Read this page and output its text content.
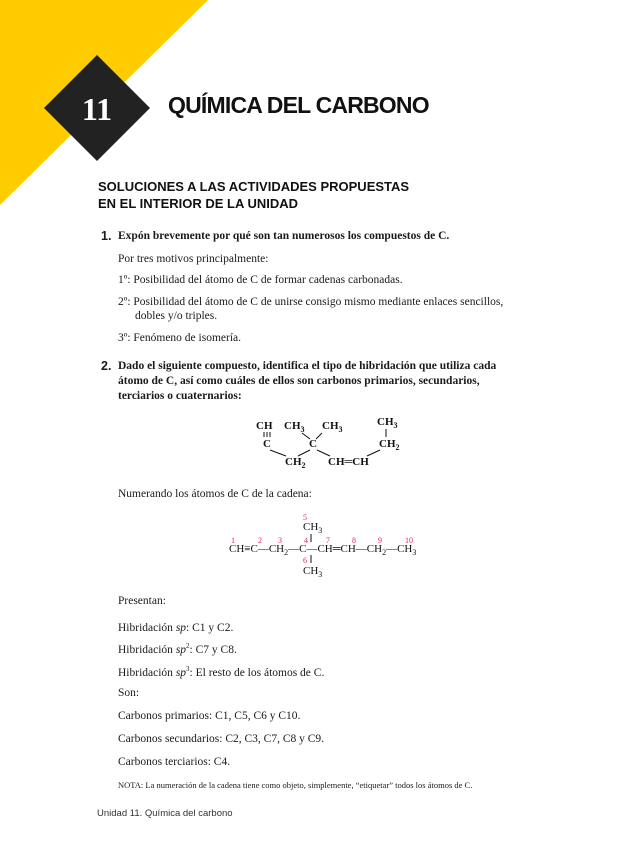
11 QUÍMICA DEL CARBONO
SOLUCIONES A LAS ACTIVIDADES PROPUESTAS
EN EL INTERIOR DE LA UNIDAD
1. Expón brevemente por qué son tan numerosos los compuestos de C.
Por tres motivos principalmente:
1º: Posibilidad del átomo de C de formar cadenas carbonadas.
2º: Posibilidad del átomo de C de unirse consigo mismo mediante enlaces sencillos,
dobles y/o triples.
3º: Fenómeno de isomería.
2. Dado el siguiente compuesto, identifica el tipo de hibridación que utiliza cada
átomo de C, así como cuáles de ellos son carbonos primarios, secundarios,
terciarios o cuaternarios:
CH
C
$CH_3$ $CH_3$
C
$CH_2$ CH═CH
$CH_3$
$CH_2$
Numerando los átomos de C de la cadena:
1	2 3	4
5
6
7	8	9	10
$CH_3$
$CH\equiv C—CH_2—C—CH═CH—CH_2—CH_3$
$CH_3$
Presentan:
Hibridación sp: C1 y C2.
Hibridación $sp^2$: C7 y C8.
Hibridación $sp^3$: El resto de los átomos de C.
Son:
Carbonos primarios: C1, C5, C6 y C10.
Carbonos secundarios: C2, C3, C7, C8 y C9.
Carbonos terciarios: C4.
NOTA: La numeración de la cadena tiene como objeto, simplemente, “etiquetar” todos los átomos de C.
Unidad 11. Química del carbono
